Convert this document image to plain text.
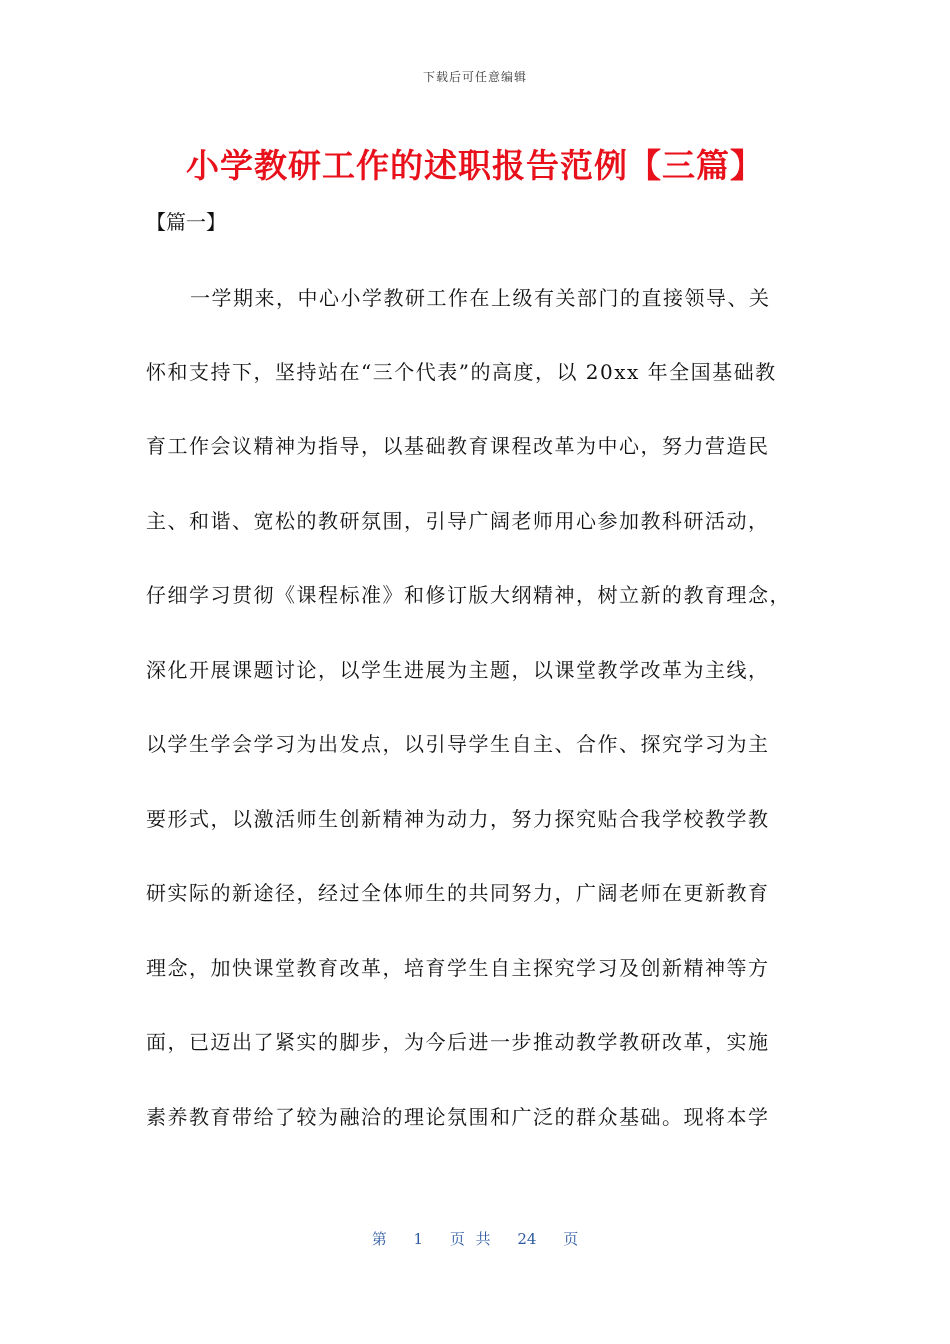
下载后可任意编辑
小学教研工作的述职报告范例【三篇】
【篇一】
一学期来，中心小学教研工作在上级有关部门的直接领导、关
怀和支持下，坚持站在“三个代表”的高度，以 20xx 年全国基础教
育工作会议精神为指导，以基础教育课程改革为中心，努力营造民
主、和谐、宽松的教研氛围，引导广阔老师用心参加教科研活动，
仔细学习贯彻《课程标准》和修订版大纲精神，树立新的教育理念，
深化开展课题讨论，以学生进展为主题，以课堂教学改革为主线，
以学生学会学习为出发点，以引导学生自主、合作、探究学习为主
要形式，以激活师生创新精神为动力，努力探究贴合我学校教学教
研实际的新途径，经过全体师生的共同努力，广阔老师在更新教育
理念，加快课堂教育改革，培育学生自主探究学习及创新精神等方
面，已迈出了紧实的脚步，为今后进一步推动教学教研改革，实施
素养教育带给了较为融洽的理论氛围和广泛的群众基础。现将本学
第 1 页 共 24 页
